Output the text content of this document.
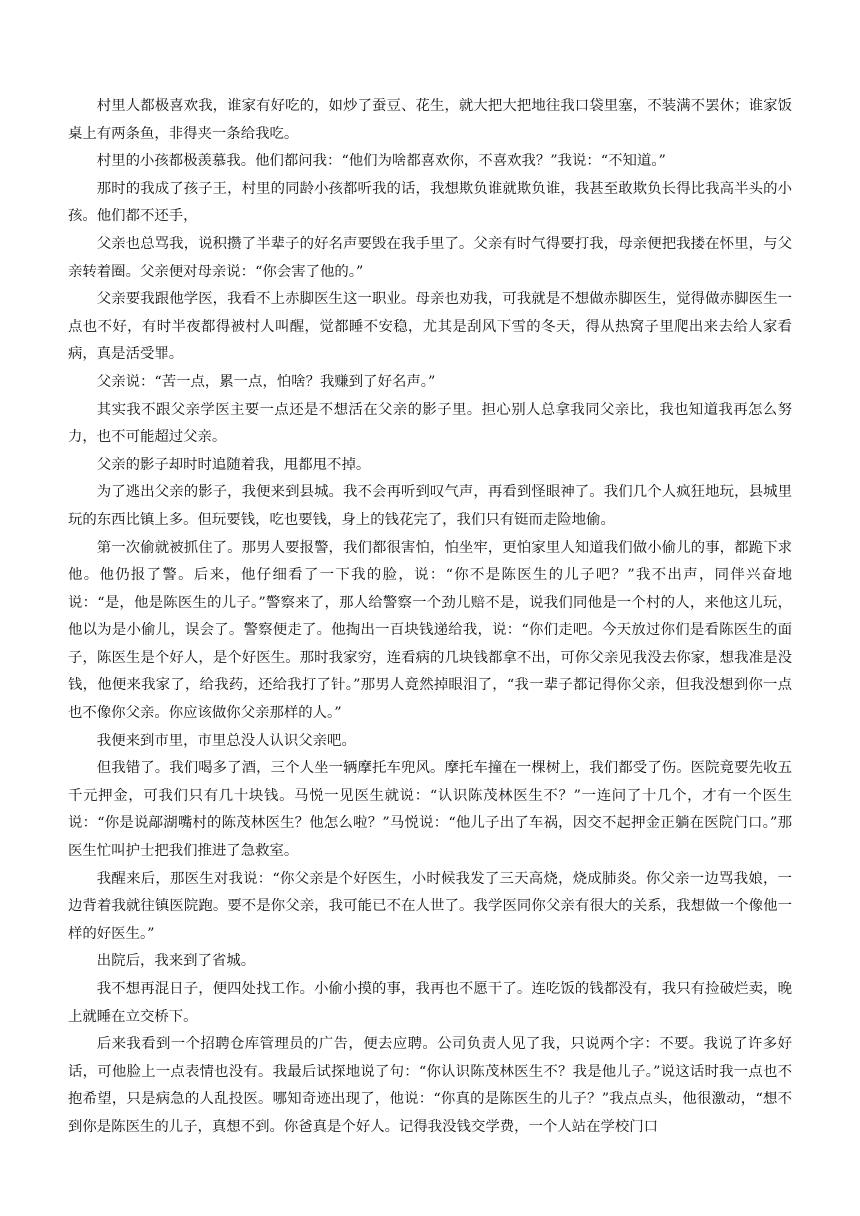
村里人都极喜欢我，谁家有好吃的，如炒了蚕豆、花生，就大把大把地往我口袋里塞，不装满不罢休；谁家饭桌上有两条鱼，非得夹一条给我吃。

村里的小孩都极羡慕我。他们都问我：“他们为啥都喜欢你，不喜欢我？”我说：“不知道。”

那时的我成了孩子王，村里的同龄小孩都听我的话，我想欺负谁就欺负谁，我甚至敢欺负长得比我高半头的小孩。他们都不还手，

父亲也总骂我，说积攒了半辈子的好名声要毁在我手里了。父亲有时气得要打我，母亲便把我搂在怀里，与父亲转着圈。父亲便对母亲说：“你会害了他的。”

父亲要我跟他学医，我看不上赤脚医生这一职业。母亲也劝我，可我就是不想做赤脚医生，觉得做赤脚医生一点也不好，有时半夜都得被村人叫醒，觉都睡不安稳，尤其是刮风下雪的冬天，得从热窝子里爬出来去给人家看病，真是活受罪。

父亲说：“苦一点，累一点，怕啥？我赚到了好名声。”

其实我不跟父亲学医主要一点还是不想活在父亲的影子里。担心别人总拿我同父亲比，我也知道我再怎么努力，也不可能超过父亲。

父亲的影子却时时追随着我，甩都甩不掉。

为了逃出父亲的影子，我便来到县城。我不会再听到叹气声，再看到怪眼神了。我们几个人疯狂地玩，县城里玩的东西比镇上多。但玩要钱，吃也要钱，身上的钱花完了，我们只有铤而走险地偷。

第一次偷就被抓住了。那男人要报警，我们都很害怕，怕坐牢，更怕家里人知道我们做小偷儿的事，都跪下求他。他仍报了警。后来，他仔细看了一下我的脸，说：“你不是陈医生的儿子吧？”我不出声，同伴兴奋地说：“是，他是陈医生的儿子。”警察来了，那人给警察一个劲儿赔不是，说我们同他是一个村的人，来他这儿玩，他以为是小偷儿，误会了。警察便走了。他掏出一百块钱递给我，说：“你们走吧。今天放过你们是看陈医生的面子，陈医生是个好人，是个好医生。那时我家穷，连看病的几块钱都拿不出，可你父亲见我没去你家，想我准是没钱，他便来我家了，给我药，还给我打了针。”那男人竟然掉眼泪了，“我一辈子都记得你父亲，但我没想到你一点也不像你父亲。你应该做你父亲那样的人。”

我便来到市里，市里总没人认识父亲吧。

但我错了。我们喝多了酒，三个人坐一辆摩托车兜风。摩托车撞在一棵树上，我们都受了伤。医院竟要先收五千元押金，可我们只有几十块钱。马悦一见医生就说：“认识陈茂林医生不？”一连问了十几个，才有一个医生说：“你是说鄗湖嘴村的陈茂林医生？他怎么啦？”马悦说：“他儿子出了车祸，因交不起押金正躺在医院门口。”那医生忙叫护士把我们推进了急救室。

我醒来后，那医生对我说：“你父亲是个好医生，小时候我发了三天高烧，烧成肺炎。你父亲一边骂我娘，一边背着我就往镇医院跑。要不是你父亲，我可能已不在人世了。我学医同你父亲有很大的关系，我想做一个像他一样的好医生。”

出院后，我来到了省城。

我不想再混日子，便四处找工作。小偷小摸的事，我再也不愿干了。连吃饭的钱都没有，我只有捡破烂卖，晚上就睡在立交桥下。

后来我看到一个招聘仓库管理员的广告，便去应聘。公司负责人见了我，只说两个字：不要。我说了许多好话，可他脸上一点表情也没有。我最后试探地说了句：“你认识陈茂林医生不？我是他儿子。”说这话时我一点也不抱希望，只是病急的人乱投医。哪知奇迹出现了，他说：“你真的是陈医生的儿子？”我点点头，他很激动，“想不到你是陈医生的儿子，真想不到。你爸真是个好人。记得我没钱交学费，一个人站在学校门口
